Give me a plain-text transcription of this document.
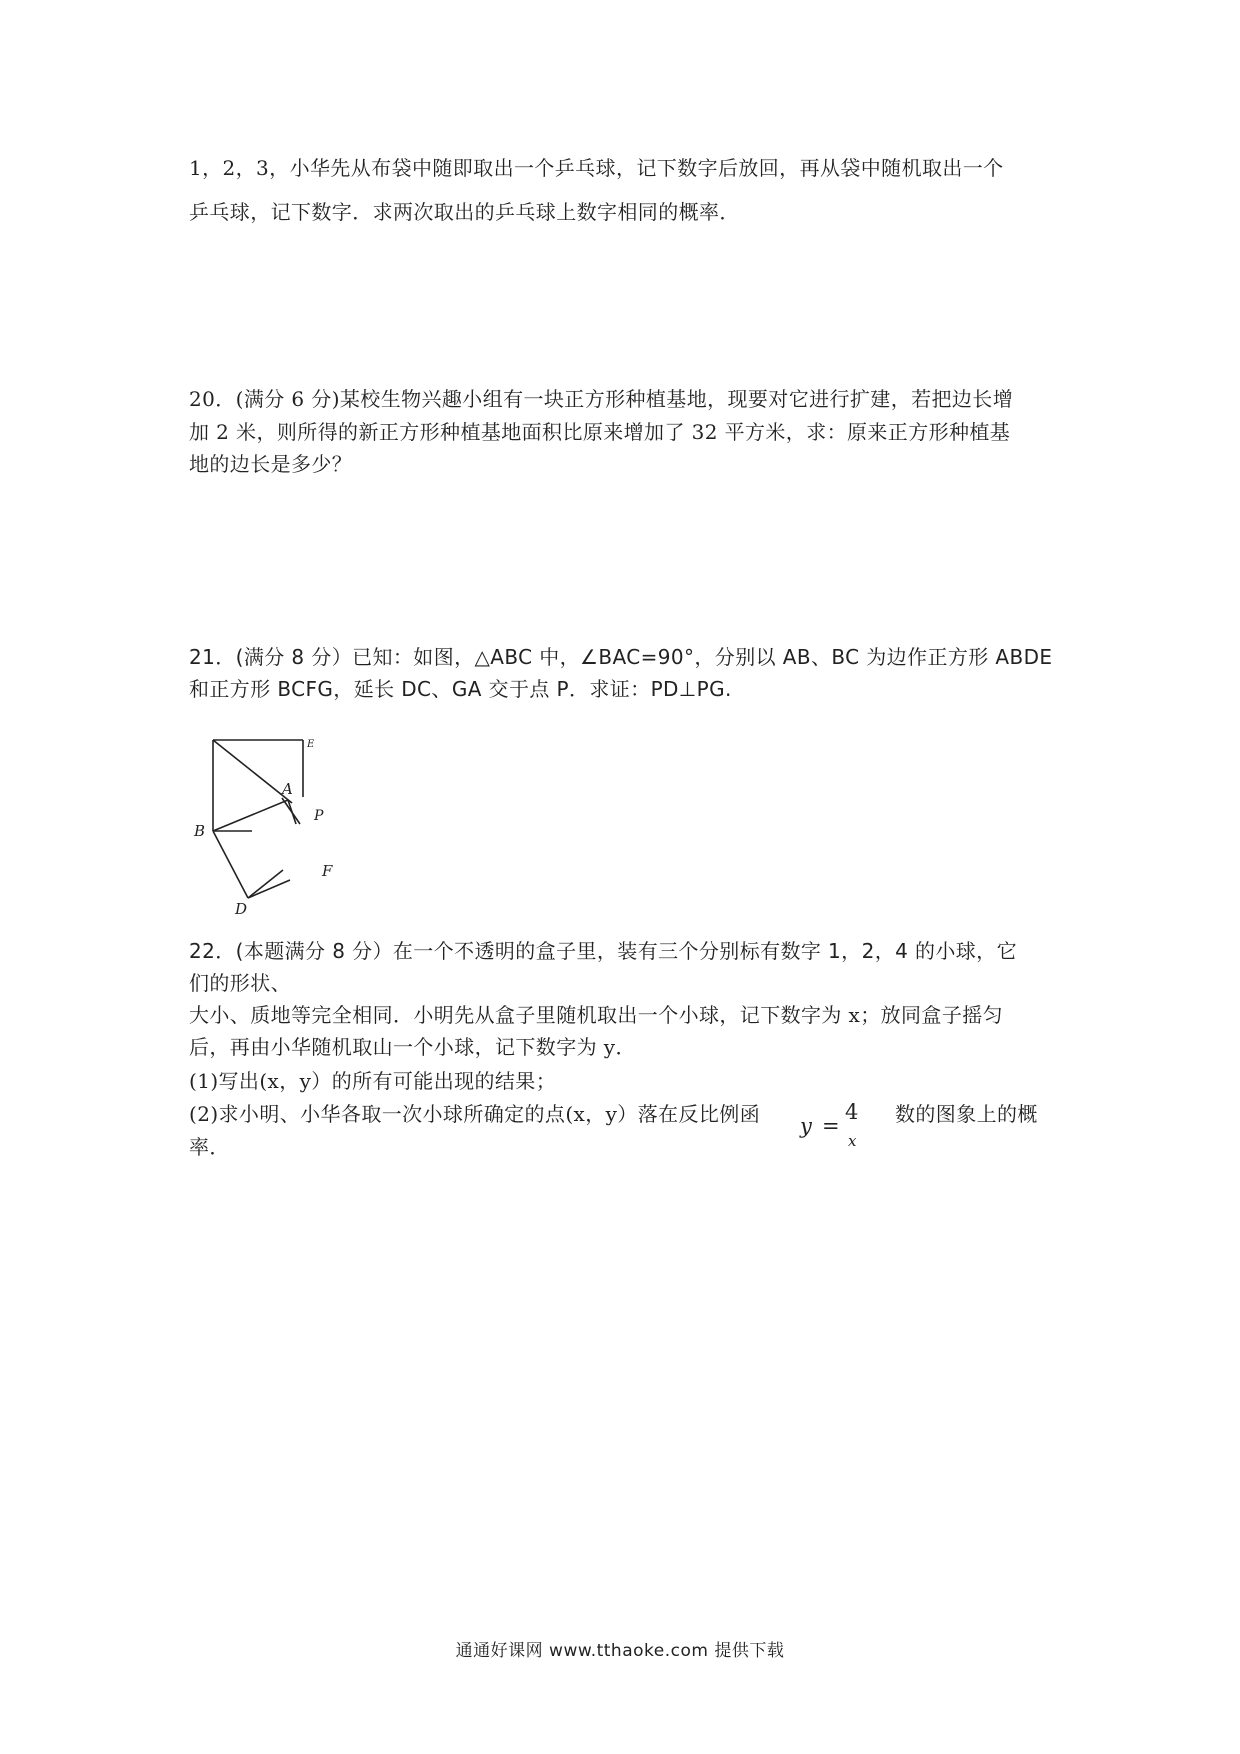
1，2，3，小华先从布袋中随即取出一个乒乓球，记下数字后放回，再从袋中随机取出一个
乒乓球，记下数字．求两次取出的乒乓球上数字相同的概率．
20．(满分 6 分)某校生物兴趣小组有一块正方形种植基地，现要对它进行扩建，若把边长增
加 2 米，则所得的新正方形种植基地面积比原来增加了 32 平方米，求：原来正方形种植基
地的边长是多少？
21．(满分 8 分）已知：如图，△ABC 中，∠BAC=90°，分别以 AB、BC 为边作正方形 ABDE
和正方形 BCFG，延长 DC、GA 交于点 P．求证：PD⊥PG.
E
A
P
B
F
D
22．(本题满分 8 分）在一个不透明的盒子里，装有三个分别标有数字 1，2，4 的小球，它
们的形状、
大小、质地等完全相同．小明先从盒子里随机取出一个小球，记下数字为 x；放同盒子摇匀
后，再由小华随机取山一个小球，记下数字为 y．
(1)写出(x，y）的所有可能出现的结果；
(2)求小明、小华各取一次小球所确定的点(x，y）落在反比例函	数的图象上的概
率．
y =
4
x
通通好课网 www.tthaoke.com 提供下载
